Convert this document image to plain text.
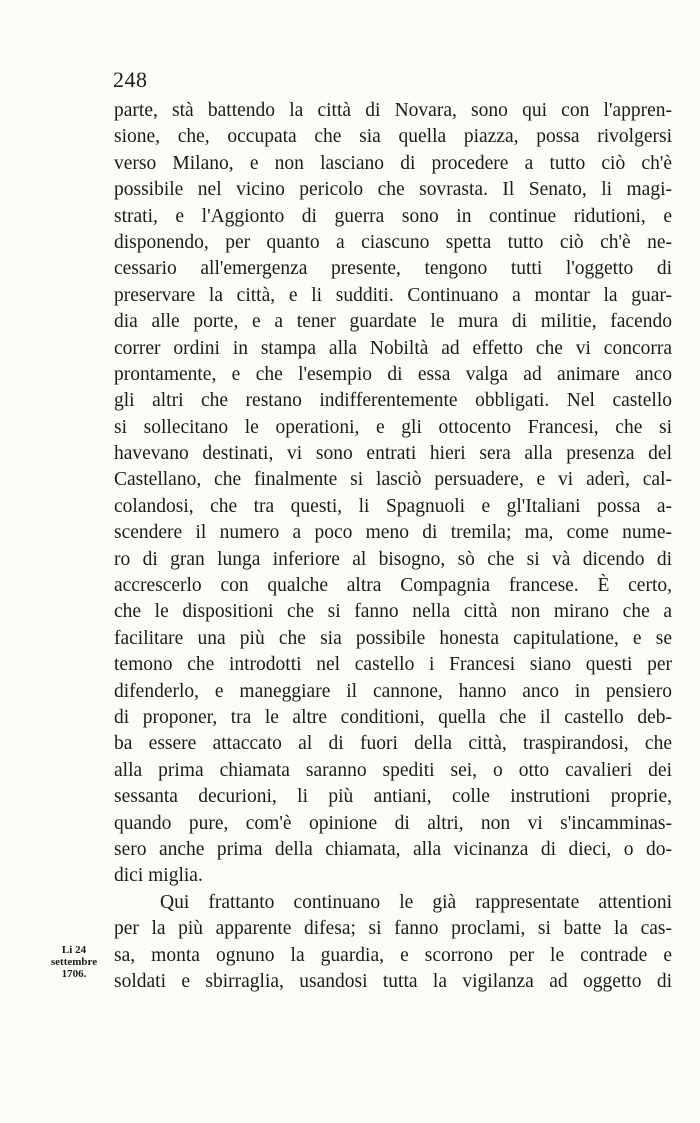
248
parte, stà battendo la città di Novara, sono qui con l'appren-
sione, che, occupata che sia quella piazza, possa rivolgersi
verso Milano, e non lasciano di procedere a tutto ciò ch'è
possibile nel vicino pericolo che sovrasta. Il Senato, li magi-
strati, e l'Aggionto di guerra sono in continue ridutioni, e
disponendo, per quanto a ciascuno spetta tutto ciò ch'è ne-
cessario all'emergenza presente, tengono tutti l'oggetto di
preservare la città, e li sudditi. Continuano a montar la guar-
dia alle porte, e a tener guardate le mura di militie, facendo
correr ordini in stampa alla Nobiltà ad effetto che vi concorra
prontamente, e che l'esempio di essa valga ad animare anco
gli altri che restano indifferentemente obbligati. Nel castello
si sollecitano le operationi, e gli ottocento Francesi, che si
havevano destinati, vi sono entrati hieri sera alla presenza del
Castellano, che finalmente si lasciò persuadere, e vi aderì, cal-
colandosi, che tra questi, li Spagnuoli e gl'Italiani possa a-
scendere il numero a poco meno di tremila; ma, come nume-
ro di gran lunga inferiore al bisogno, sò che si và dicendo di
accrescerlo con qualche altra Compagnia francese. È certo,
che le dispositioni che si fanno nella città non mirano che a
facilitare una più che sia possibile honesta capitulatione, e se
temono che introdotti nel castello i Francesi siano questi per
difenderlo, e maneggiare il cannone, hanno anco in pensiero
di proponer, tra le altre conditioni, quella che il castello deb-
ba essere attaccato al di fuori della città, traspirandosi, che
alla prima chiamata saranno spediti sei, o otto cavalieri dei
sessanta decurioni, li più antiani, colle instrutioni proprie,
quando pure, com'è opinione di altri, non vi s'incamminas-
sero anche prima della chiamata, alla vicinanza di dieci, o do-
dici miglia.
Qui frattanto continuano le già rappresentate attentioni
per la più apparente difesa; si fanno proclami, si batte la cas-
sa, monta ognuno la guardia, e scorrono per le contrade e
soldati e sbirraglia, usandosi tutta la vigilanza ad oggetto di
Li 24
settembre
1706.
